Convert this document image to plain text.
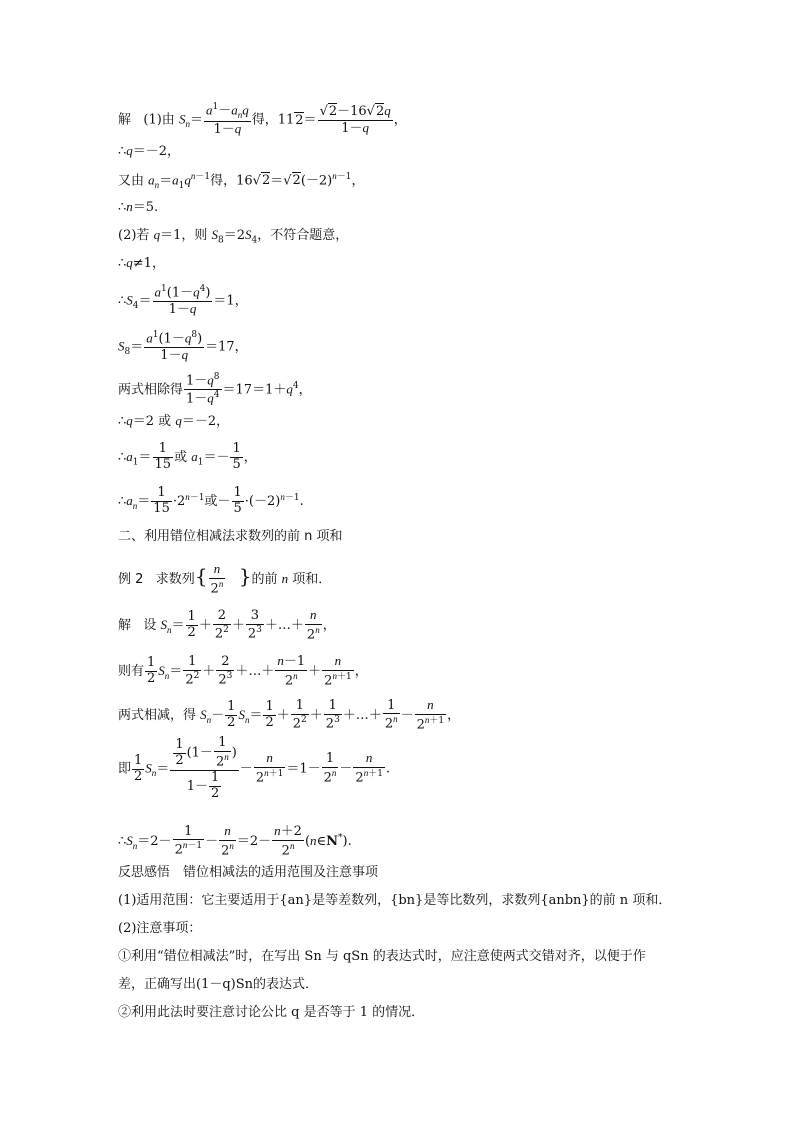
解   (1)由 $S_n= \frac{a^1-a_nq}{1-q}$ 得，$112= \frac{√2-16√2q}{1-q}$ ，
∴q＝－2，
又由 $a_n=a_1q^{n-1}$得，$16√2=√2(-2)^{n-1}$，
∴n＝5.
(2)若 q＝1，则 $S_8=2S_4$，不符合题意，
∴q≠1，
$\therefore S_4= \frac{a^1(1-q^4)}{1-q} =1$，
$S_8= \frac{a^1(1-q^8)}{1-q} =17$，
两式相除得 $\frac{1-q^8}{1-q^4} =17=1+q^4$，
∴q＝2 或 q＝－2，
$\therefore a_1= \frac{1}{15}$ 或 $a_1=- \frac{1}{5}$ ，
$\therefore a_n= \frac{1}{15} \cdot 2^{n-1}$或－ $\frac{1}{5} \cdot(-2)^{n-1}$.
二、利用错位相减法求数列的前 n 项和
例 2   求数列{ $\frac{n}{2^n}$ }的前 n 项和．
解   设 $S_n= \frac{1}{2} + \frac{2}{2^2} + \frac{3}{2^3}$ ＋…＋ $\frac{n}{2^n}$ ，
则有 $\frac{1}{2} S_n= \frac{1}{2^2} + \frac{2}{2^3}$ ＋…＋ $\frac{n-1}{2^n} + \frac{n}{2^{n+1}}$ ，
两式相减，得 $S_n- \frac{1}{2} S_n= \frac{1}{2} + \frac{1}{2^2} + \frac{1}{2^3}$ ＋…＋ $\frac{1}{2^n} - \frac{n}{2^{n+1}}$ ，
即 $\frac{1}{2} S_n= \frac{\frac{1}{2} (1- \frac{1}{2^n} )}{1- \frac{1}{2}} - \frac{n}{2^{n+1}} =1- \frac{1}{2^n} - \frac{n}{2^{n+1}}$ .
$\therefore S_n=2- \frac{1}{2^{n-1}} - \frac{n}{2^n} =2- \frac{n+2}{2^n}$ (n∈N*).
反思感悟　错位相减法的适用范围及注意事项
(1)适用范围：它主要适用于{an}是等差数列，{bn}是等比数列，求数列{anbn}的前 n 项和．
(2)注意事项：
①利用“错位相减法”时，在写出 Sn 与 qSn 的表达式时，应注意使两式交错对齐，以便于作
差，正确写出(1－q)Sn的表达式．
②利用此法时要注意讨论公比 q 是否等于 1 的情况．
